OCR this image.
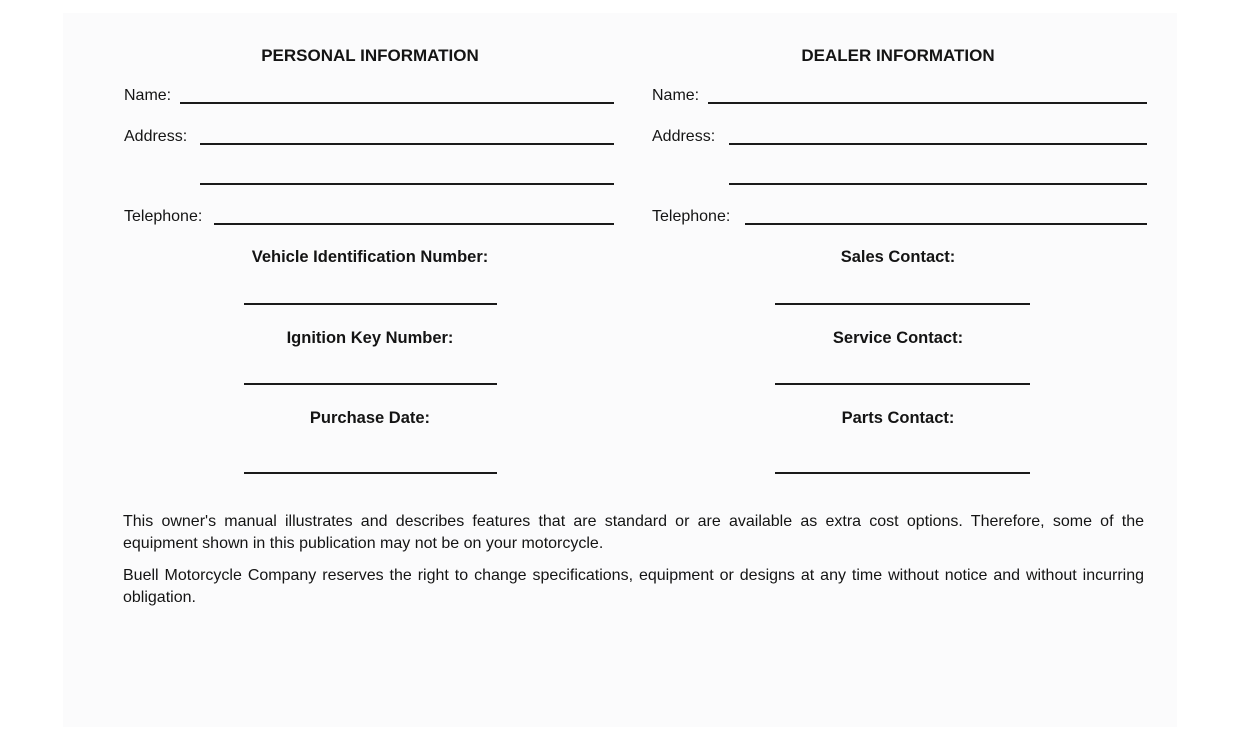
PERSONAL INFORMATION
Name:
Address:
Telephone:
Vehicle Identification Number:
Ignition Key Number:
Purchase Date:
DEALER INFORMATION
Name:
Address:
Telephone:
Sales Contact:
Service Contact:
Parts Contact:
This owner's manual illustrates and describes features that are standard or are available as extra cost options. Therefore, some of the equipment shown in this publication may not be on your motorcycle.
Buell Motorcycle Company reserves the right to change specifications, equipment or designs at any time without notice and without incurring obligation.
